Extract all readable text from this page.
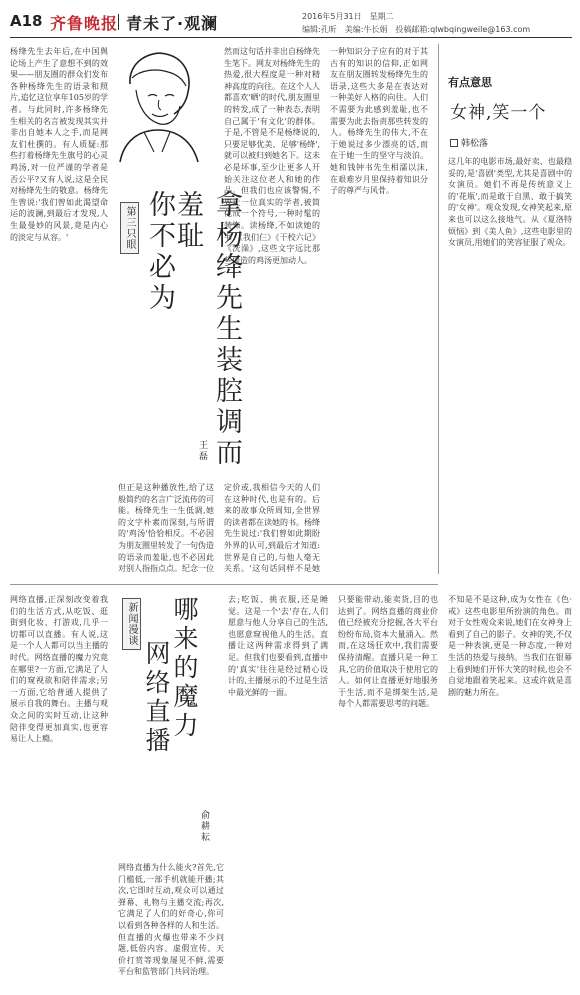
A18 齐鲁晚报 青未了·观澜	2016年5月31日　星期二
编辑:孔昕　美编:牛长娟　投稿邮箱:qlwbqingweile@163.com
杨绛先生去年后,在中国舆论场上产生了意想不到的效果——朋友圈的群众们发布各种杨绛先生的语录和照片,追忆这位享年105岁的学者。与此同时,许多杨绛先生相关的名言被发现其实并非出自她本人之手,而是网友们杜撰的。有人质疑:那些打着杨绛先生旗号的心灵鸡汤,对一位严谨的学者是否公平?又有人说,这是全民对杨绛先生的敬意。杨绛先生曾说:'我们曾如此渴望命运的波澜,到最后才发现,人生最曼妙的风景,竟是内心的淡定与从容。'	第三只眼	拿杨绛先生装腔调而羞耻
你不必为
王磊
但正是这种播放性,给了这般简约的名言广泛流传的可能。杨绛先生一生低调,她的文字朴素而深刻,与所谓的'鸡汤'恰恰相反。不必因为朋友圈里转发了一句伪造的语录而羞耻,也不必因此对别人指指点点。纪念一位
然而这句话并非出自杨绛先生笔下。网友对杨绛先生的热爱,很大程度是一种对精神高度的向往。在这个人人都喜欢'晒'的时代,朋友圈里的转发,成了一种表态,表明自己属于'有文化'的群体。于是,不管是不是杨绛说的,只要足够优美、足够'杨绛',就可以被归到她名下。这未必是坏事,至少让更多人开始关注这位老人和她的作品。但我们也应该警惕,不要让一位真实的学者,被简化成一个符号,一种时髦的装饰。读杨绛,不如读她的书,《我们仨》《干校六记》《洗澡》,这些文字远比那些伪造的鸡汤更加动人。
定价或,我相信今天的人们在这种时代,也是有的。后来的故事众所周知,全世界的读者都在读她的书。杨绛先生说过:'我们曾如此期盼外界的认可,到最后才知道:世界是自己的,与他人毫无关系。'这句话同样不是她
一种知识分子应有的对于其古有的知识的信仰,正如网友在朋友圈转发杨绛先生的语录,这些大多是在表达对一种美好人格的向往。人们不需要为此感到羞耻,也不需要为此去指责那些转发的人。杨绛先生的伟大,不在于她说过多少漂亮的话,而在于她一生的坚守与淡泊。她和钱钟书先生相濡以沫,在艰难岁月里保持着知识分子的尊严与风骨。
有点意思
女神,笑一个
韩松落
这几年的电影市场,最好卖、也最稳妥的,是'喜剧'类型,尤其是喜剧中的女演员。她们不再是传统意义上的'花瓶',而是敢于自黑、敢于搞笑的'女神'。观众发现,女神笑起来,原来也可以这么接地气。从《夏洛特烦恼》到《美人鱼》,这些电影里的女演员,用她们的笑容征服了观众。
网络直播,正深刻改变着我们的生活方式,从吃饭、逛街到化妆、打游戏,几乎一切都可以直播。有人说,这是一个人人都可以当主播的时代。网络直播的魔力究竟在哪里?一方面,它满足了人们的窥视欲和陪伴需求;另一方面,它给普通人提供了展示自我的舞台。主播与观众之间的实时互动,让这种陪伴变得更加真实,也更容易让人上瘾。
新闻漫谈 哪来的魔力
网络直播
俞耕耘
网络直播为什么能火?首先,它门槛低,一部手机就能开播;其次,它即时互动,观众可以通过弹幕、礼物与主播交流;再次,它满足了人们的好奇心,你可以看到各种各样的人和生活。但直播的火爆也带来不少问题,低俗内容、虚假宣传、天价打赏等现象屡见不鲜,需要平台和监管部门共同治理。
去;吃饭、挑衣服,还是睡觉。这是一个'去'存在,人们愿意与他人分享自己的生活,也愿意窥视他人的生活。直播让这两种需求得到了满足。但我们也要看到,直播中的'真实'往往是经过精心设计的,主播展示的不过是生活中最光鲜的一面。
只要能带动,能卖货,目的也达到了。网络直播的商业价值已经被充分挖掘,各大平台纷纷布局,资本大量涌入。然而,在这场狂欢中,我们需要保持清醒。直播只是一种工具,它的价值取决于使用它的人。如何让直播更好地服务于生活,而不是绑架生活,是每个人都需要思考的问题。
不知是不是这种,成为女性在《色·戒》这些电影里所扮演的角色。而对于女性观众来说,她们在女神身上看到了自己的影子。女神的笑,不仅是一种表演,更是一种态度,一种对生活的热爱与接纳。当我们在银幕上看到她们开怀大笑的时候,也会不自觉地跟着笑起来。这或许就是喜剧的魅力所在。
